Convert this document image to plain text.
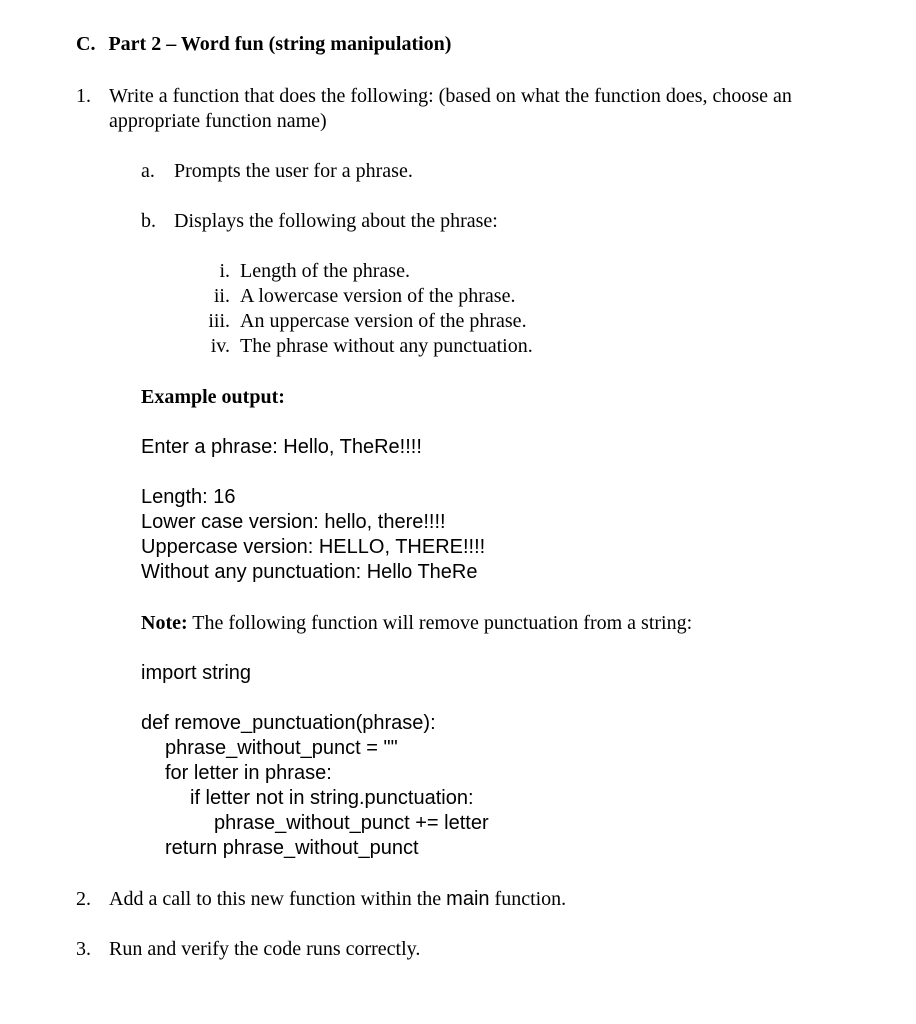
C. Part 2 – Word fun (string manipulation)
1. Write a function that does the following: (based on what the function does, choose an
appropriate function name)
a. Prompts the user for a phrase.
b. Displays the following about the phrase:
i. Length of the phrase.
ii. A lowercase version of the phrase.
iii. An uppercase version of the phrase.
iv. The phrase without any punctuation.
Example output:
Enter a phrase: Hello, TheRe!!!!
Length: 16
Lower case version: hello, there!!!!
Uppercase version: HELLO, THERE!!!!
Without any punctuation: Hello TheRe
Note: The following function will remove punctuation from a string:
import string
def remove_punctuation(phrase):
phrase_without_punct = ""
for letter in phrase:
if letter not in string.punctuation:
phrase_without_punct += letter
return phrase_without_punct
2. Add a call to this new function within the main function.
3. Run and verify the code runs correctly.
